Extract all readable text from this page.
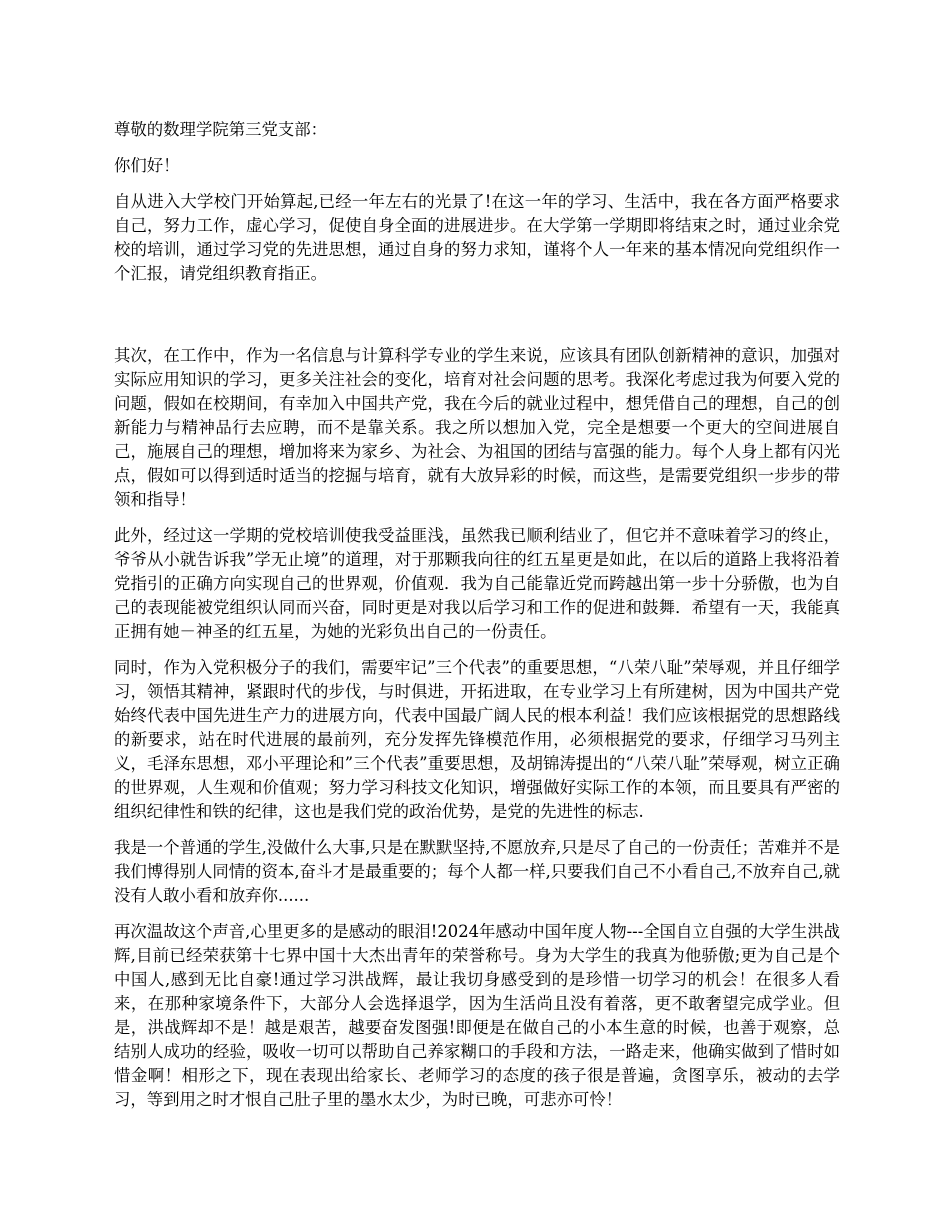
尊敬的数理学院第三党支部：

你们好！

自从进入大学校门开始算起,已经一年左右的光景了!在这一年的学习、生活中，我在各方面严格要求自己，努力工作，虚心学习，促使自身全面的进展进步。在大学第一学期即将结束之时，通过业余党校的培训，通过学习党的先进思想，通过自身的努力求知，谨将个人一年来的基本情况向党组织作一个汇报，请党组织教育指正。

其次，在工作中，作为一名信息与计算科学专业的学生来说，应该具有团队创新精神的意识，加强对实际应用知识的学习，更多关注社会的变化，培育对社会问题的思考。我深化考虑过我为何要入党的问题，假如在校期间，有幸加入中国共产党，我在今后的就业过程中，想凭借自己的理想，自己的创新能力与精神品行去应聘，而不是靠关系。我之所以想加入党，完全是想要一个更大的空间进展自己，施展自己的理想，增加将来为家乡、为社会、为祖国的团结与富强的能力。每个人身上都有闪光点，假如可以得到适时适当的挖掘与培育，就有大放异彩的时候，而这些，是需要党组织一步步的带领和指导！

此外，经过这一学期的党校培训使我受益匪浅，虽然我已顺利结业了，但它并不意味着学习的终止，爷爷从小就告诉我”学无止境”的道理，对于那颗我向往的红五星更是如此，在以后的道路上我将沿着党指引的正确方向实现自己的世界观，价值观．我为自己能靠近党而跨越出第一步十分骄傲，也为自己的表现能被党组织认同而兴奋，同时更是对我以后学习和工作的促进和鼓舞．希望有一天，我能真正拥有她－神圣的红五星，为她的光彩负出自己的一份责任。

同时，作为入党积极分子的我们，需要牢记”三个代表”的重要思想，“八荣八耻”荣辱观，并且仔细学习，领悟其精神，紧跟时代的步伐，与时俱进，开拓进取，在专业学习上有所建树，因为中国共产党始终代表中国先进生产力的进展方向，代表中国最广阔人民的根本利益！我们应该根据党的思想路线的新要求，站在时代进展的最前列，充分发挥先锋模范作用，必须根据党的要求，仔细学习马列主义，毛泽东思想，邓小平理论和”三个代表”重要思想，及胡锦涛提出的“八荣八耻”荣辱观，树立正确的世界观，人生观和价值观；努力学习科技文化知识，增强做好实际工作的本领，而且要具有严密的组织纪律性和铁的纪律，这也是我们党的政治优势，是党的先进性的标志.

我是一个普通的学生,没做什么大事,只是在默默坚持,不愿放弃,只是尽了自己的一份责任；苦难并不是我们博得别人同情的资本,奋斗才是最重要的；每个人都一样,只要我们自己不小看自己,不放弃自己,就没有人敢小看和放弃你......

再次温故这个声音,心里更多的是感动的眼泪!2024年感动中国年度人物---全国自立自强的大学生洪战辉,目前已经荣获第十七界中国十大杰出青年的荣誉称号。身为大学生的我真为他骄傲;更为自己是个中国人,感到无比自豪!通过学习洪战辉，最让我切身感受到的是珍惜一切学习的机会！在很多人看来，在那种家境条件下，大部分人会选择退学，因为生活尚且没有着落，更不敢奢望完成学业。但是，洪战辉却不是！越是艰苦，越要奋发图强!即便是在做自己的小本生意的时候，也善于观察，总结别人成功的经验，吸收一切可以帮助自己养家糊口的手段和方法，一路走来，他确实做到了惜时如惜金啊！相形之下，现在表现出给家长、老师学习的态度的孩子很是普遍，贪图享乐，被动的去学习，等到用之时才恨自己肚子里的墨水太少，为时已晚，可悲亦可怜！
